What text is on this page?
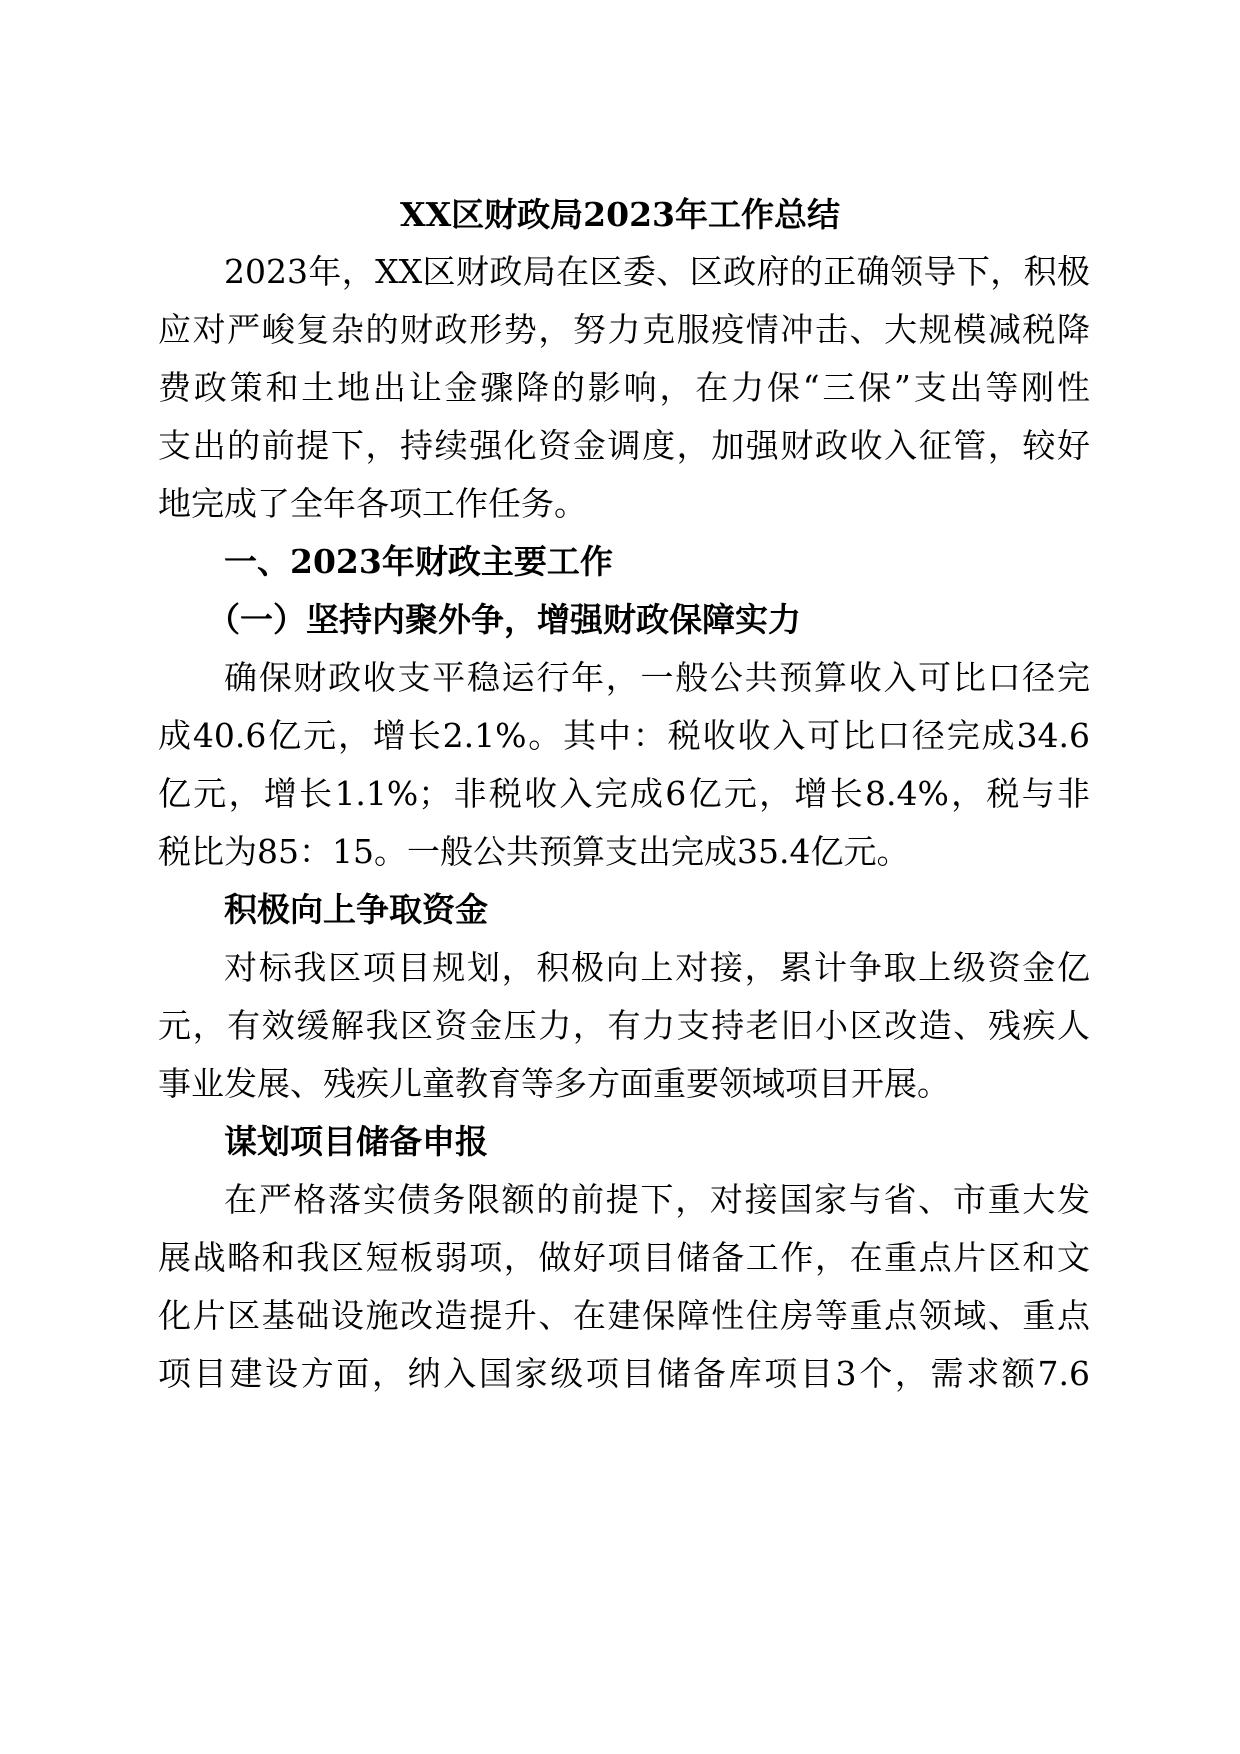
XX区财政局2023年工作总结

2023年，XX区财政局在区委、区政府的正确领导下，积极

应对严峻复杂的财政形势，努力克服疫情冲击、大规模减税降

费政策和土地出让金骤降的影响，在力保“三保”支出等刚性

支出的前提下，持续强化资金调度，加强财政收入征管，较好

地完成了全年各项工作任务。

一、2023年财政主要工作

（一）坚持内聚外争，增强财政保障实力

确保财政收支平稳运行年，一般公共预算收入可比口径完

成40.6亿元，增长2.1%。其中：税收收入可比口径完成34.6

亿元，增长1.1%；非税收入完成6亿元，增长8.4%，税与非

税比为85：15。一般公共预算支出完成35.4亿元。

积极向上争取资金

对标我区项目规划，积极向上对接，累计争取上级资金亿

元，有效缓解我区资金压力，有力支持老旧小区改造、残疾人

事业发展、残疾儿童教育等多方面重要领域项目开展。

谋划项目储备申报

在严格落实债务限额的前提下，对接国家与省、市重大发

展战略和我区短板弱项，做好项目储备工作，在重点片区和文

化片区基础设施改造提升、在建保障性住房等重点领域、重点

项目建设方面，纳入国家级项目储备库项目3个，需求额7.6
